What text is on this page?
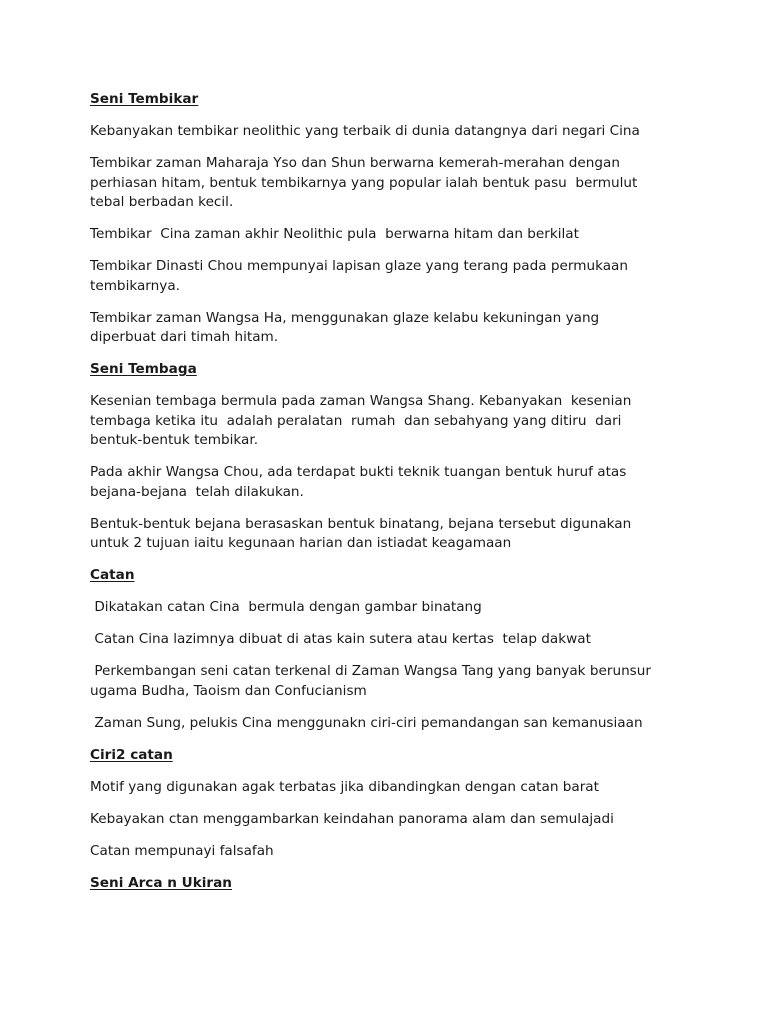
Seni Tembikar
Kebanyakan tembikar neolithic yang terbaik di dunia datangnya dari negari Cina
Tembikar zaman Maharaja Yso dan Shun berwarna kemerah-merahan dengan
perhiasan hitam, bentuk tembikarnya yang popular ialah bentuk pasu  bermulut
tebal berbadan kecil.
Tembikar  Cina zaman akhir Neolithic pula  berwarna hitam dan berkilat
Tembikar Dinasti Chou mempunyai lapisan glaze yang terang pada permukaan
tembikarnya.
Tembikar zaman Wangsa Ha, menggunakan glaze kelabu kekuningan yang
diperbuat dari timah hitam.
Seni Tembaga
Kesenian tembaga bermula pada zaman Wangsa Shang. Kebanyakan  kesenian
tembaga ketika itu  adalah peralatan  rumah  dan sebahyang yang ditiru  dari
bentuk-bentuk tembikar.
Pada akhir Wangsa Chou, ada terdapat bukti teknik tuangan bentuk huruf atas
bejana-bejana  telah dilakukan.
Bentuk-bentuk bejana berasaskan bentuk binatang, bejana tersebut digunakan
untuk 2 tujuan iaitu kegunaan harian dan istiadat keagamaan
Catan
Dikatakan catan Cina  bermula dengan gambar binatang
Catan Cina lazimnya dibuat di atas kain sutera atau kertas  telap dakwat
Perkembangan seni catan terkenal di Zaman Wangsa Tang yang banyak berunsur
ugama Budha, Taoism dan Confucianism
Zaman Sung, pelukis Cina menggunakn ciri-ciri pemandangan san kemanusiaan
Ciri2 catan
Motif yang digunakan agak terbatas jika dibandingkan dengan catan barat
Kebayakan ctan menggambarkan keindahan panorama alam dan semulajadi
Catan mempunayi falsafah
Seni Arca n Ukiran
